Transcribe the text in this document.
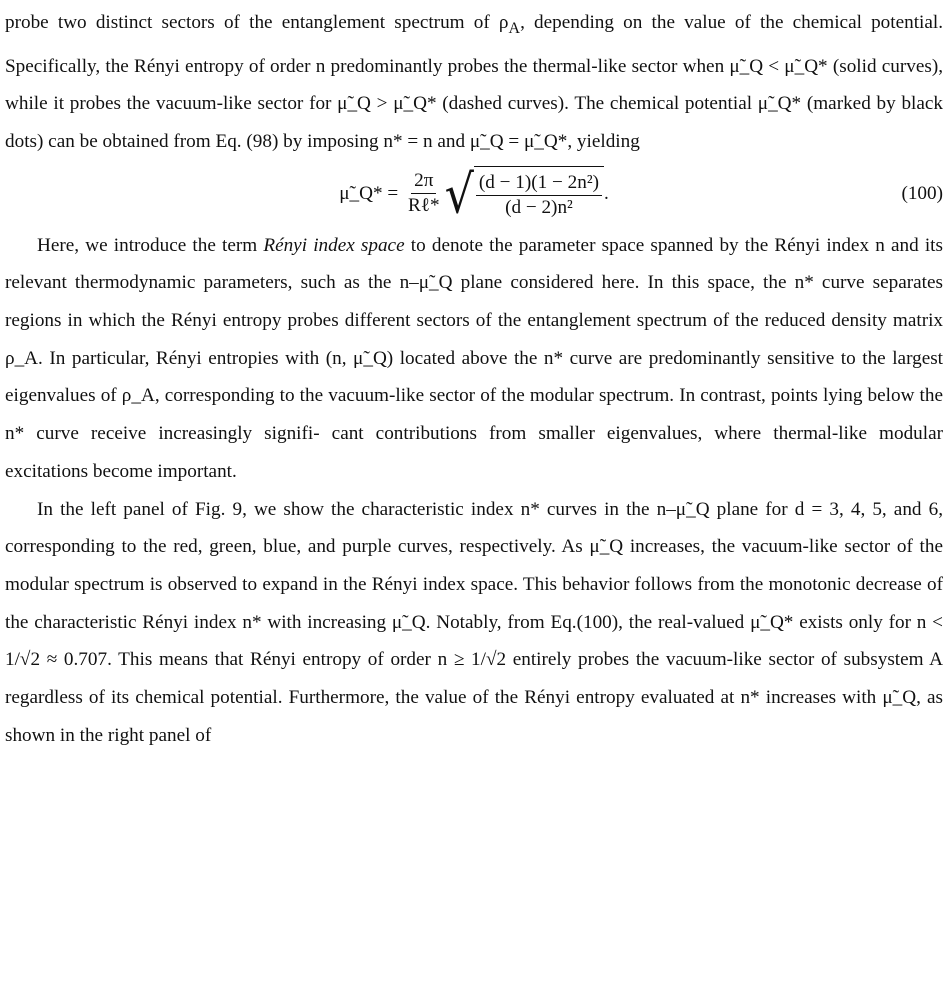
probe two distinct sectors of the entanglement spectrum of $\rho_A$, depending on the value of the chemical potential. Specifically, the Rényi entropy of order n predominantly probes the thermal-like sector when μ̃_Q < μ̃_Q* (solid curves), while it probes the vacuum-like sector for μ̃_Q > μ̃_Q* (dashed curves). The chemical potential μ̃_Q* (marked by black dots) can be obtained from Eq. (98) by imposing n* = n and μ̃_Q = μ̃_Q*, yielding

μ̃_Q* =
$\frac{2\pi}{\text{Rℓ*}}$ √ $\frac{\text{(d − 1)(1 − 2n²)}}{\text{(d − 2)n²}}$ .	(100)

Here, we introduce the term Rényi index space to denote the parameter space spanned by the Rényi index n and its relevant thermodynamic parameters, such as the n–μ̃_Q plane considered here. In this space, the n* curve separates regions in which the Rényi entropy probes different sectors of the entanglement spectrum of the reduced density matrix ρ_A. In particular, Rényi entropies with (n, μ̃_Q) located above the n* curve are predominantly sensitive to the largest eigenvalues of ρ_A, corresponding to the vacuum-like sector of the modular spectrum. In contrast, points lying below the n* curve receive increasingly signifi- cant contributions from smaller eigenvalues, where thermal-like modular excitations become important.

In the left panel of Fig. 9, we show the characteristic index n* curves in the n–μ̃_Q plane for d = 3, 4, 5, and 6, corresponding to the red, green, blue, and purple curves, respectively. As μ̃_Q increases, the vacuum-like sector of the modular spectrum is observed to expand in the Rényi index space. This behavior follows from the monotonic decrease of the characteristic Rényi index n* with increasing μ̃_Q. Notably, from Eq.(100), the real-valued μ̃_Q* exists only for n < 1/√2 ≈ 0.707. This means that Rényi entropy of order n ≥ 1/√2 entirely probes the vacuum-like sector of subsystem A regardless of its chemical potential. Furthermore, the value of the Rényi entropy evaluated at n* increases with μ̃_Q, as shown in the right panel of
